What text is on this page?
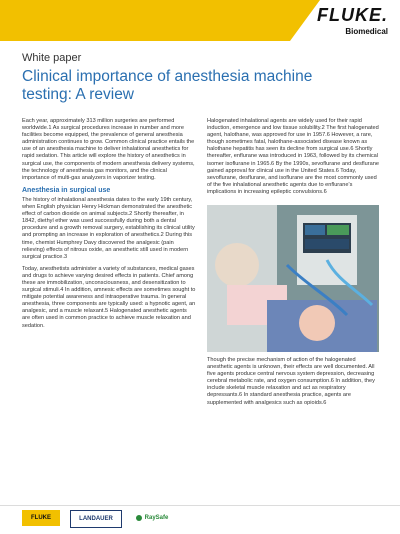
FLUKE.
Biomedical
White paper
Clinical importance of anesthesia machine testing: A review

Each year, approximately 313 million surgeries are performed worldwide.1 As surgical procedures increase in number and more facilities become equipped, the prevalence of general anesthesia administration continues to grow. Common clinical practice entails the use of an anesthesia machine to deliver inhalational anesthetics for rapid sedation. This article will explore the history of anesthetics in surgical use, the components of modern anesthesia delivery systems, the technology of anesthesia gas monitors, and the clinical importance of multi-gas analyzers in vaporizer testing.

Anesthesia in surgical use

The history of inhalational anesthesia dates to the early 19th century, when English physician Henry Hickman demonstrated the anesthetic effect of carbon dioxide on animal subjects.2 Shortly thereafter, in 1842, diethyl ether was used successfully during both a dental procedure and a growth removal surgery, establishing its clinical utility and prompting an increase in exploration of anesthetics.2 During this time, chemist Humphrey Davy discovered the analgesic (pain relieving) effects of nitrous oxide, an anesthetic still used in modern surgical practice.3

Today, anesthetists administer a variety of substances, medical gases and drugs to achieve varying desired effects in patients. Chief among these are immobilization, unconsciousness, and desensitization to surgical stimuli.4 In addition, amnesic effects are sometimes sought to mitigate potential awareness and intraoperative trauma. In general anesthesia, three components are typically used: a hypnotic agent, an analgesic, and a muscle relaxant.5 Halogenated anesthetic agents are often used in common practice to achieve muscle relaxation and sedation.

Halogenated inhalational agents are widely used for their rapid induction, emergence and low tissue solubility.2 The first halogenated agent, halothane, was approved for use in 1957.6 However, a rare, though sometimes fatal, halothane-associated disease known as halothane hepatitis has seen its decline from surgical use.6 Shortly thereafter, enflurane was introduced in 1963, followed by its chemical isomer isoflurane in 1965.6 By the 1990s, sevoflurane and desflurane gained approval for clinical use in the United States.6 Today, sevoflurane, desflurane, and isoflurane are the most commonly used of the five inhalational anesthetic agents due to enflurane's implications in increasing epileptic convulsions.6

Though the precise mechanism of action of the halogenated anesthetic agents is unknown, their effects are well documented. All five agents produce central nervous system depression, decreasing cerebral metabolic rate, and oxygen consumption.6 In addition, they include skeletal muscle relaxation and act as respiratory depressants.6 In standard anesthesia practice, agents are supplemented with analgesics such as opioids.6

FLUKE	LANDAUER	RaySafe
